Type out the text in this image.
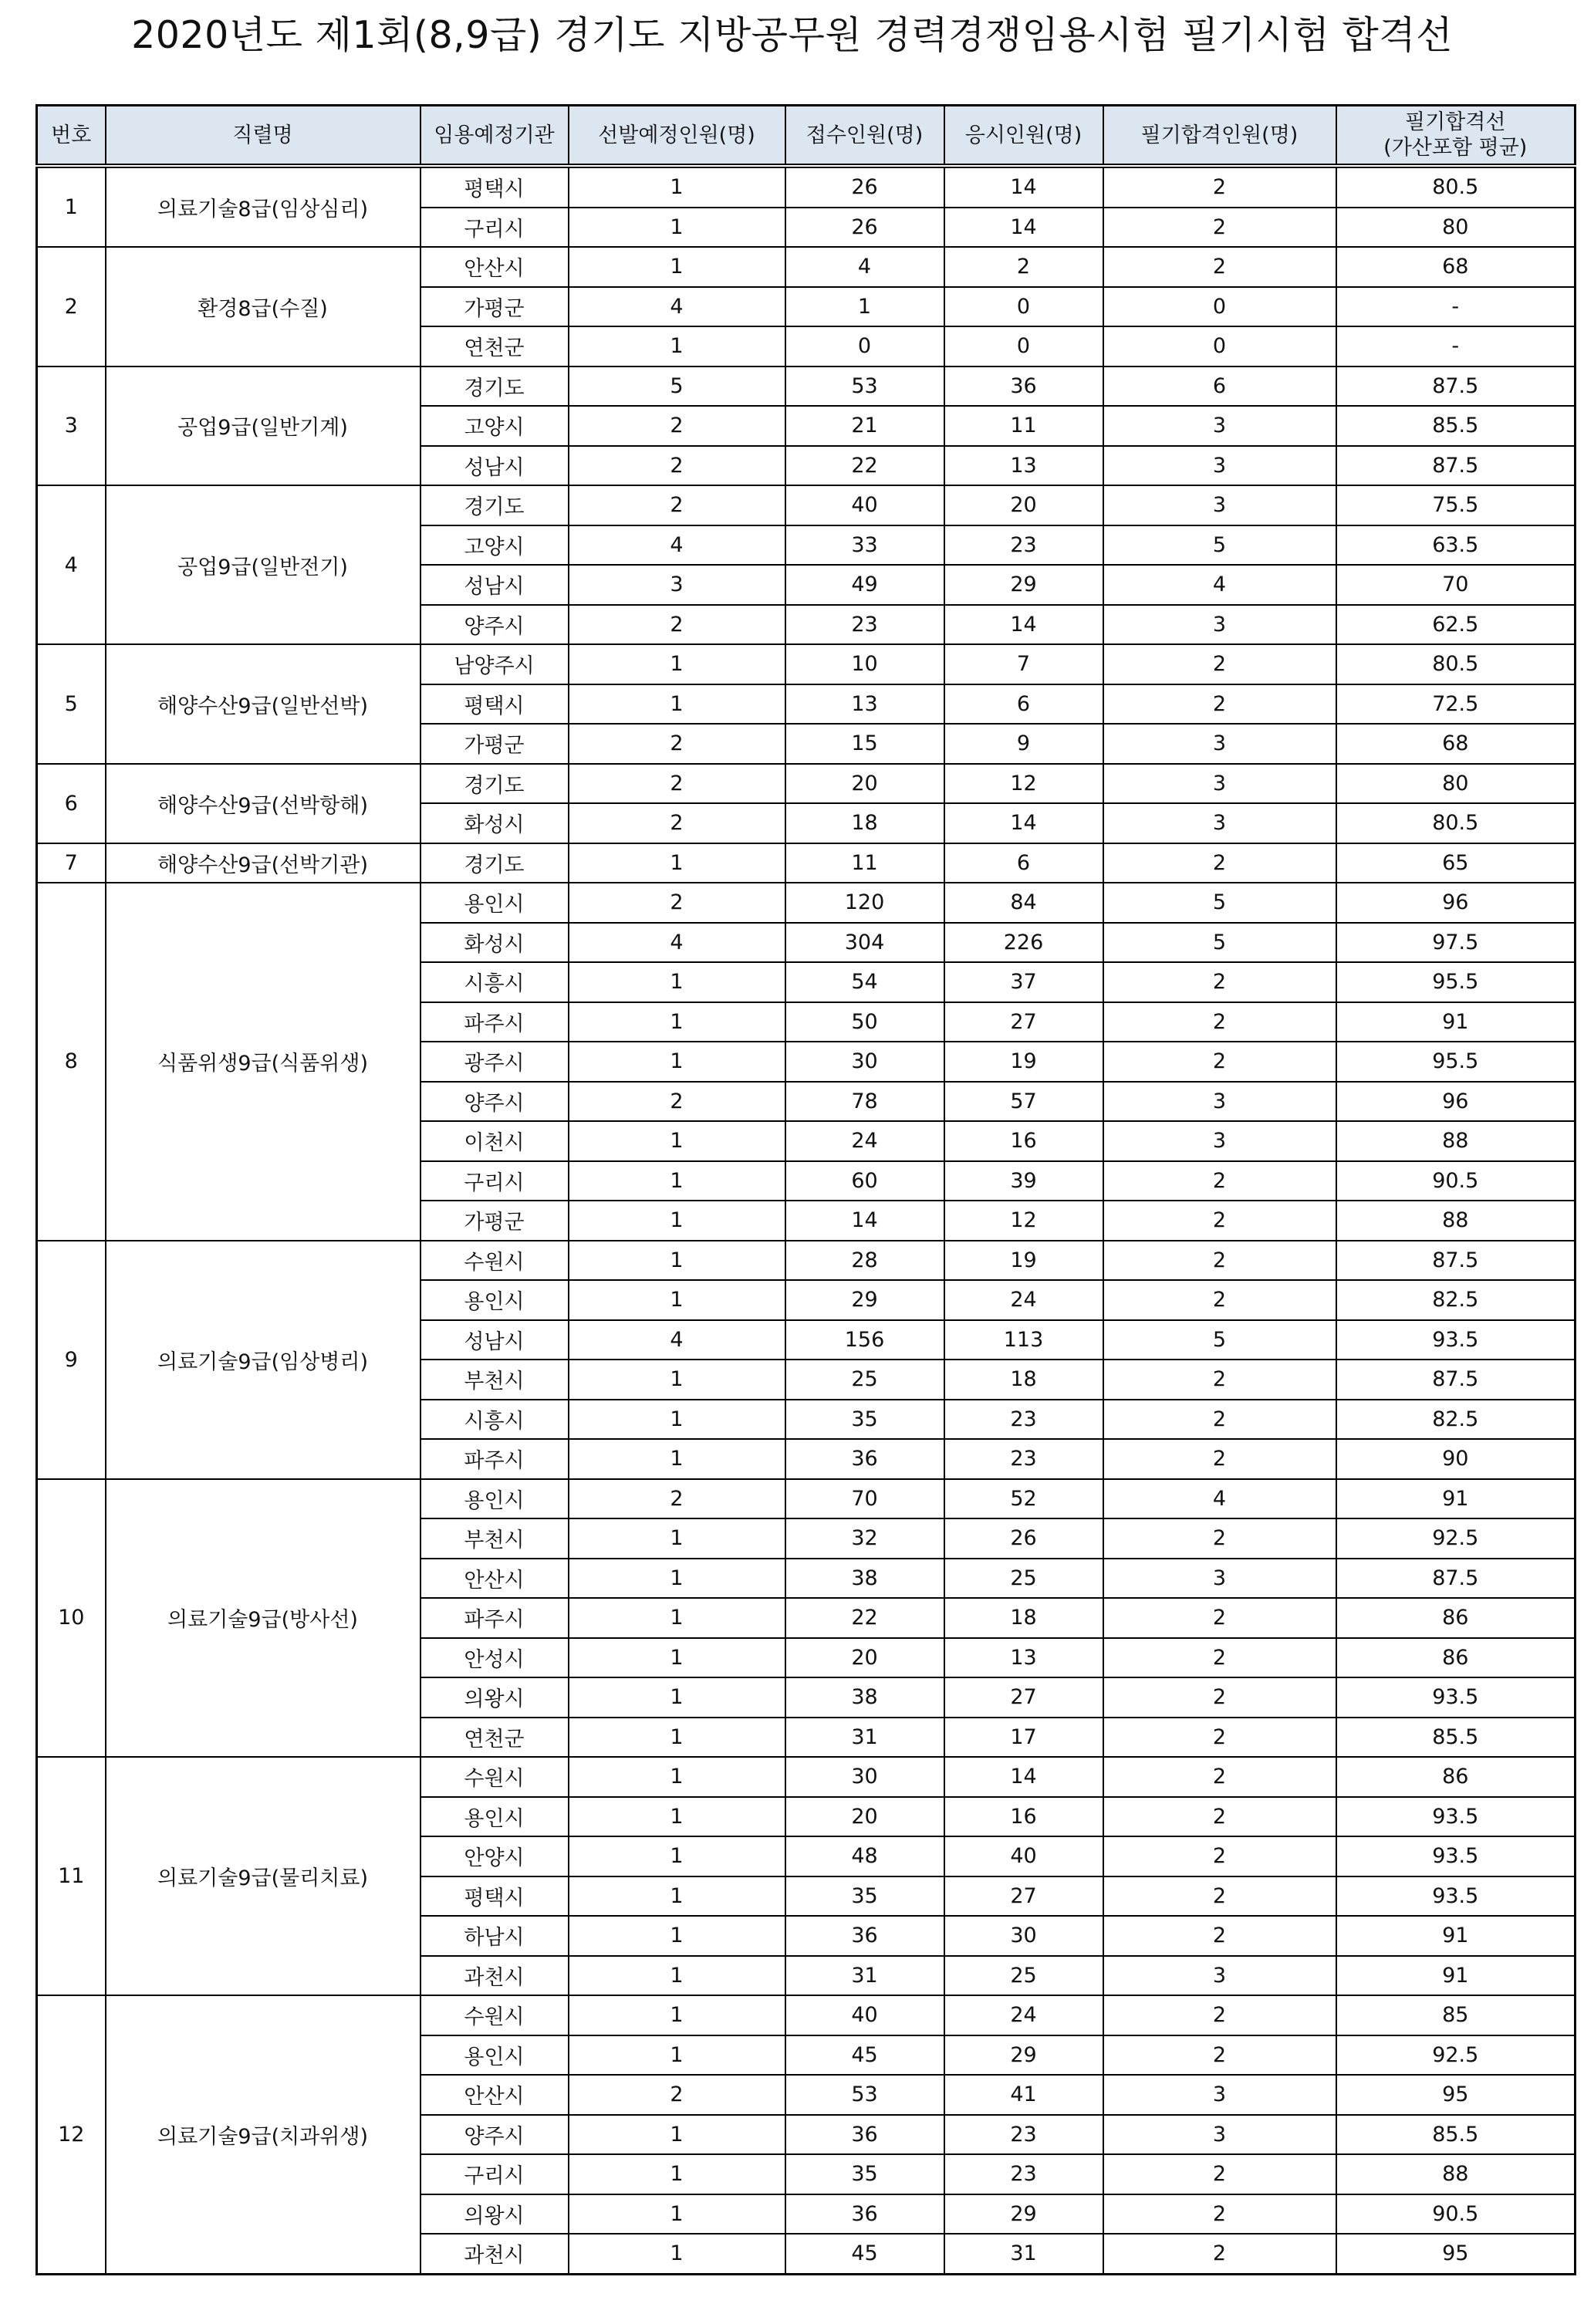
2020년도 제1회(8,9급) 경기도 지방공무원 경력경쟁임용시험 필기시험 합격선
번호	직렬명	임용예정기관	선발예정인원(명)	접수인원(명)	응시인원(명)	필기합격인원(명)	필기합격선
(가산포함 평균)

1	의료기술8급(임상심리)	평택시	1	26	14	2	80.5
		구리시	1	26	14	2	80
2	환경8급(수질)	안산시	1	4	2	2	68
		가평군	4	1	0	0	-
		연천군	1	0	0	0	-
3	공업9급(일반기계)	경기도	5	53	36	6	87.5
		고양시	2	21	11	3	85.5
		성남시	2	22	13	3	87.5
4	공업9급(일반전기)	경기도	2	40	20	3	75.5
		고양시	4	33	23	5	63.5
		성남시	3	49	29	4	70
		양주시	2	23	14	3	62.5
5	해양수산9급(일반선박)	남양주시	1	10	7	2	80.5
		평택시	1	13	6	2	72.5
		가평군	2	15	9	3	68
6	해양수산9급(선박항해)	경기도	2	20	12	3	80
		화성시	2	18	14	3	80.5
7	해양수산9급(선박기관)	경기도	1	11	6	2	65
8	식품위생9급(식품위생)	용인시	2	120	84	5	96
		화성시	4	304	226	5	97.5
		시흥시	1	54	37	2	95.5
		파주시	1	50	27	2	91
		광주시	1	30	19	2	95.5
		양주시	2	78	57	3	96
		이천시	1	24	16	3	88
		구리시	1	60	39	2	90.5
		가평군	1	14	12	2	88
9	의료기술9급(임상병리)	수원시	1	28	19	2	87.5
		용인시	1	29	24	2	82.5
		성남시	4	156	113	5	93.5
		부천시	1	25	18	2	87.5
		시흥시	1	35	23	2	82.5
		파주시	1	36	23	2	90
10	의료기술9급(방사선)	용인시	2	70	52	4	91
		부천시	1	32	26	2	92.5
		안산시	1	38	25	3	87.5
		파주시	1	22	18	2	86
		안성시	1	20	13	2	86
		의왕시	1	38	27	2	93.5
		연천군	1	31	17	2	85.5
11	의료기술9급(물리치료)	수원시	1	30	14	2	86
		용인시	1	20	16	2	93.5
		안양시	1	48	40	2	93.5
		평택시	1	35	27	2	93.5
		하남시	1	36	30	2	91
		과천시	1	31	25	3	91
12	의료기술9급(치과위생)	수원시	1	40	24	2	85
		용인시	1	45	29	2	92.5
		안산시	2	53	41	3	95
		양주시	1	36	23	3	85.5
		구리시	1	35	23	2	88
		의왕시	1	36	29	2	90.5
		과천시	1	45	31	2	95
